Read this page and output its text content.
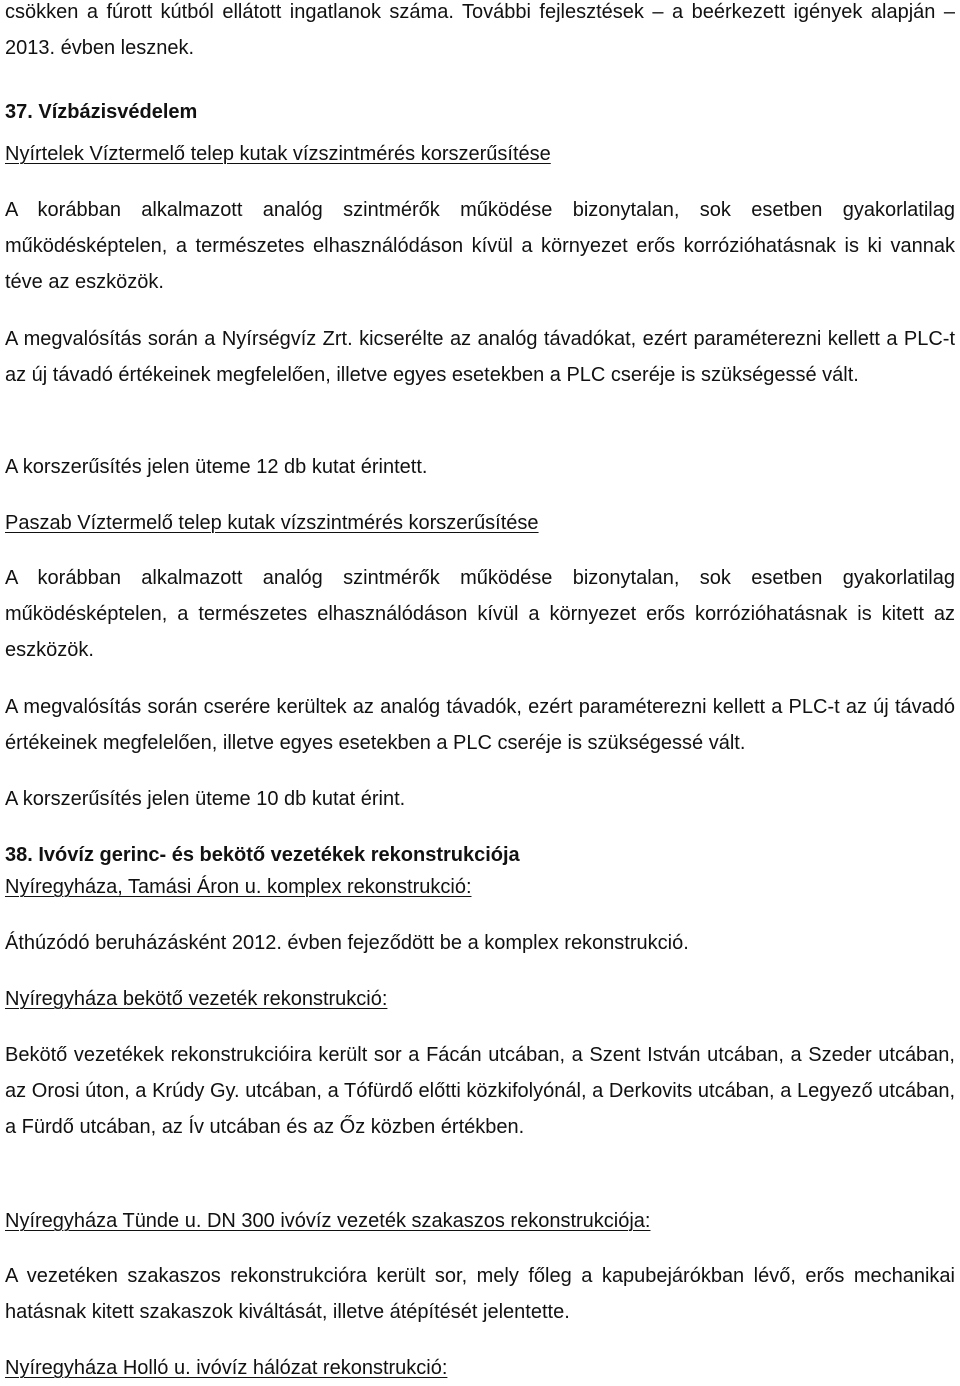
csökken a fúrott kútból ellátott ingatlanok száma. További fejlesztések – a beérkezett igények alapján – 2013. évben lesznek.

37. Vízbázisvédelem

Nyírtelek Víztermelő telep kutak vízszintmérés korszerűsítése

A korábban alkalmazott analóg szintmérők működése bizonytalan, sok esetben gyakorlatilag működésképtelen, a természetes elhasználódáson kívül a környezet erős korrózióhatásnak is ki vannak téve az eszközök.

A megvalósítás során a Nyírségvíz Zrt. kicserélte az analóg távadókat, ezért paraméterezni kellett a PLC-t az új távadó értékeinek megfelelően, illetve egyes esetekben a PLC cseréje is szükségessé vált.

A korszerűsítés jelen üteme 12 db kutat érintett.

Paszab Víztermelő telep kutak vízszintmérés korszerűsítése

A korábban alkalmazott analóg szintmérők működése bizonytalan, sok esetben gyakorlatilag működésképtelen, a természetes elhasználódáson kívül a környezet erős korrózióhatásnak is kitett az eszközök.

A megvalósítás során cserére kerültek az analóg távadók, ezért paraméterezni kellett a PLC-t az új távadó értékeinek megfelelően, illetve egyes esetekben a PLC cseréje is szükségessé vált.

A korszerűsítés jelen üteme 10 db kutat érint.

38. Ivóvíz gerinc- és bekötő vezetékek rekonstrukciója

Nyíregyháza, Tamási Áron u. komplex rekonstrukció:

Áthúzódó beruházásként 2012. évben fejeződött be a komplex rekonstrukció.

Nyíregyháza bekötő vezeték rekonstrukció:

Bekötő vezetékek rekonstrukcióira került sor a Fácán utcában, a Szent István utcában, a Szeder utcában, az Orosi úton, a Krúdy Gy. utcában, a Tófürdő előtti közkifolyónál, a Derkovits utcában, a Legyező utcában, a Fürdő utcában, az Ív utcában és az Őz közben értékben.

Nyíregyháza Tünde u. DN 300 ivóvíz vezeték szakaszos rekonstrukciója:

A vezetéken szakaszos rekonstrukcióra került sor, mely főleg a kapubejárókban lévő, erős mechanikai hatásnak kitett szakaszok kiváltását, illetve átépítését jelentette.

Nyíregyháza Holló u. ivóvíz hálózat rekonstrukció:
